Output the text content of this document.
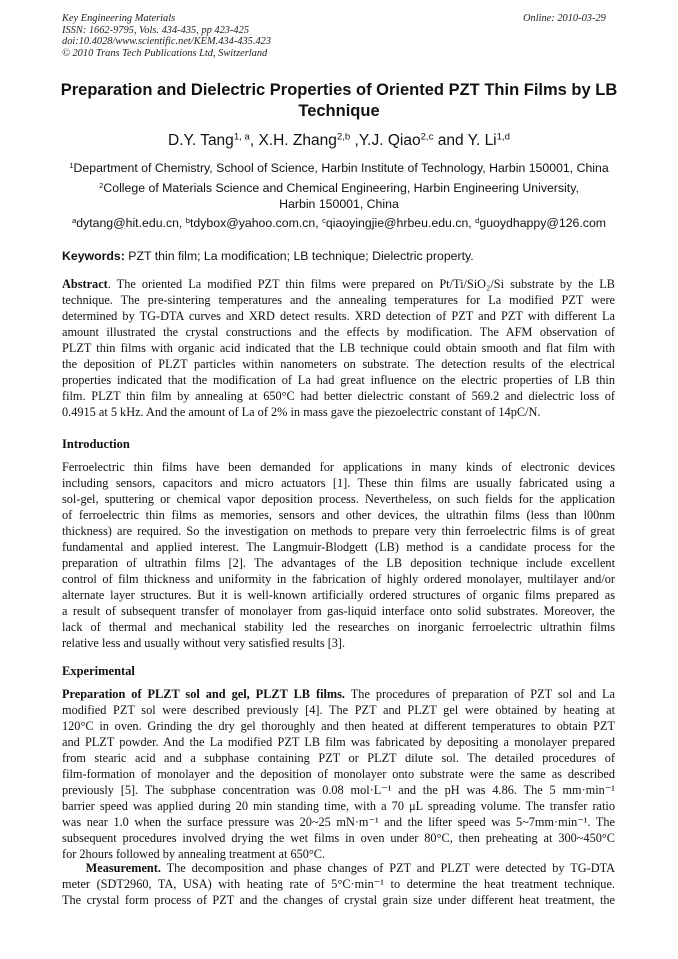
Key Engineering Materials
ISSN: 1662-9795, Vols. 434-435, pp 423-425
doi:10.4028/www.scientific.net/KEM.434-435.423
© 2010 Trans Tech Publications Ltd, Switzerland
Online: 2010-03-29
Preparation and Dielectric Properties of Oriented PZT Thin Films by LB Technique
D.Y. Tang$^{1, a}$, X.H. Zhang$^{2,b}$ ,Y.J. Qiao$^{2,c}$ and Y. Li$^{1,d}$
$^1$Department of Chemistry, School of Science, Harbin Institute of Technology, Harbin 150001, China
$^2$College of Materials Science and Chemical Engineering, Harbin Engineering University,
Harbin 150001, China
$^a$dytang@hit.edu.cn, $^b$tdybox@yahoo.com.cn, $^c$qiaoyingjie@hrbeu.edu.cn, $^d$guoydhappy@126.com
Keywords: PZT thin film; La modification; LB technique; Dielectric property.
Abstract. The oriented La modified PZT thin films were prepared on Pt/Ti/SiO₂/Si substrate by the LB
technique. The pre-sintering temperatures and the annealing temperatures for La modified PZT were
determined by TG-DTA curves and XRD detect results. XRD detection of PZT and PZT with different La
amount illustrated the crystal constructions and the effects by modification. The AFM observation of
PLZT thin films with organic acid indicated that the LB technique could obtain smooth and flat film with
the deposition of PLZT particles within nanometers on substrate. The detection results of the electrical
properties indicated that the modification of La had great influence on the electric properties of LB thin
film. PLZT thin film by annealing at 650°C had better dielectric constant of 569.2 and dielectric loss of
0.4915 at 5 kHz. And the amount of La of 2% in mass gave the piezoelectric constant of 14pC/N.
Introduction
Ferroelectric thin films have been demanded for applications in many kinds of electronic devices
including sensors, capacitors and micro actuators [1]. These thin films are usually fabricated using a
sol-gel, sputtering or chemical vapor deposition process. Nevertheless, on such fields for the application
of ferroelectric thin films as memories, sensors and other devices, the ultrathin films (less than l00nm
thickness) are required. So the investigation on methods to prepare very thin ferroelectric films is of great
fundamental and applied interest. The Langmuir-Blodgett (LB) method is a candidate process for the
preparation of ultrathin films [2]. The advantages of the LB deposition technique include excellent
control of film thickness and uniformity in the fabrication of highly ordered monolayer, multilayer and/or
alternate layer structures. But it is well-known artificially ordered structures of organic films prepared as
a result of subsequent transfer of monolayer from gas-liquid interface onto solid substrates. Moreover, the
lack of thermal and mechanical stability led the researches on inorganic ferroelectric ultrathin films
relative less and usually without very satisfied results [3].
Experimental
Preparation of PLZT sol and gel, PLZT LB films. The procedures of preparation of PZT sol and La
modified PZT sol were described previously [4]. The PZT and PLZT gel were obtained by heating at
120°C in oven. Grinding the dry gel thoroughly and then heated at different temperatures to obtain PZT
and PLZT powder. And the La modified PZT LB film was fabricated by depositing a monolayer prepared
from stearic acid and a subphase containing PZT or PLZT dilute sol. The detailed procedures of
film-formation of monolayer and the deposition of monolayer onto substrate were the same as described
previously [5]. The subphase concentration was 0.08 mol·L⁻¹ and the pH was 4.86. The 5 mm·min⁻¹
barrier speed was applied during 20 min standing time, with a 70 μL spreading volume. The transfer ratio
was near 1.0 when the surface pressure was 20~25 mN·m⁻¹ and the lifter speed was 5~7mm·min⁻¹. The
subsequent procedures involved drying the wet films in oven under 80°C, then preheating at 300~450°C
for 2hours followed by annealing treatment at 650°C.
Measurement. The decomposition and phase changes of PZT and PLZT were detected by TG-DTA
meter (SDT2960, TA, USA) with heating rate of 5°C·min⁻¹ to determine the heat treatment technique.
The crystal form process of PZT and the changes of crystal grain size under different heat treatment, the
